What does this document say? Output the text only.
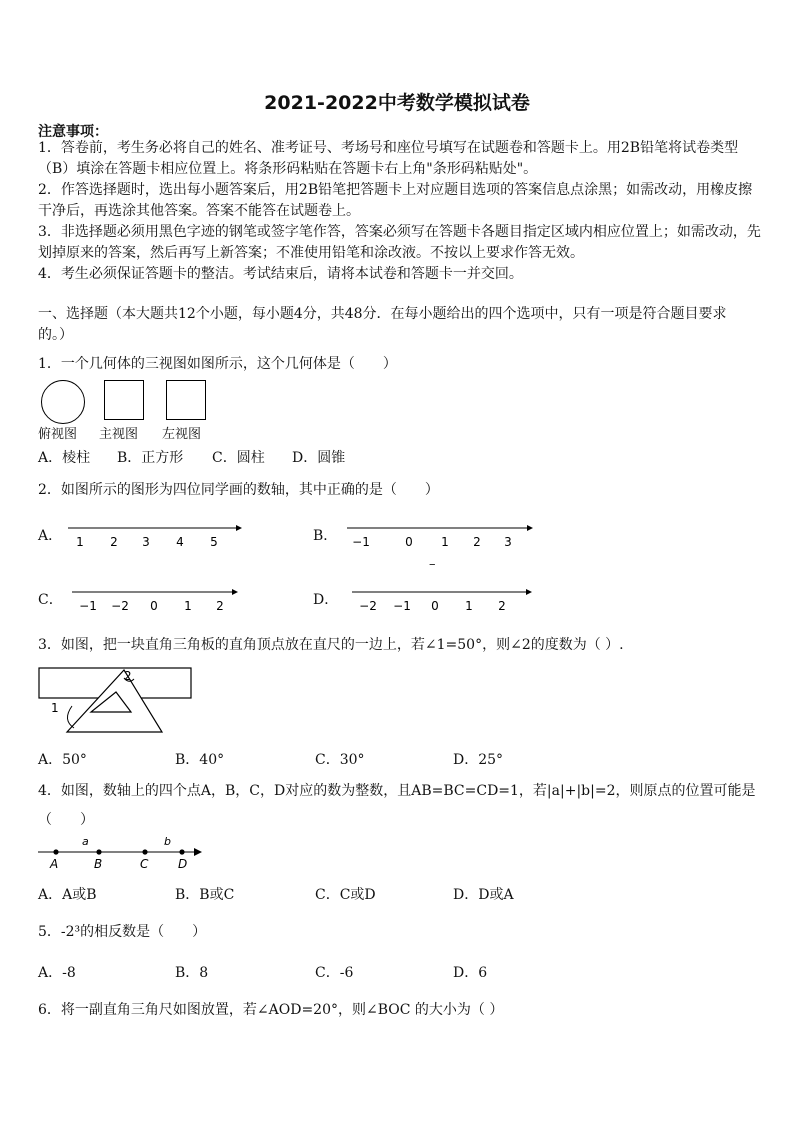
2021-2022中考数学模拟试卷
注意事项：
1．答卷前，考生务必将自己的姓名、准考证号、考场号和座位号填写在试题卷和答题卡上。用2B铅笔将试卷类型
（B）填涂在答题卡相应位置上。将条形码粘贴在答题卡右上角"条形码粘贴处"。
2．作答选择题时，选出每小题答案后，用2B铅笔把答题卡上对应题目选项的答案信息点涂黑；如需改动，用橡皮擦
干净后，再选涂其他答案。答案不能答在试题卷上。
3．非选择题必须用黑色字迹的钢笔或签字笔作答，答案必须写在答题卡各题目指定区域内相应位置上；如需改动，先
划掉原来的答案，然后再写上新答案；不准使用铅笔和涂改液。不按以上要求作答无效。
4．考生必须保证答题卡的整洁。考试结束后，请将本试卷和答题卡一并交回。
一、选择题（本大题共12个小题，每小题4分，共48分．在每小题给出的四个选项中，只有一项是符合题目要求
的。）
1．一个几何体的三视图如图所示，这个几何体是（　　）
俯视图 主视图 左视图
A．棱柱 B．正方形 C．圆柱 D．圆锥
2．如图所示的图形为四位同学画的数轴，其中正确的是（　　）
A． 1 2 3 4 5	B． −1	0 1 2 3
–
C． −1 −2 0 1 2	D． −2 −1 0 1 2
3．如图，把一块直角三角板的直角顶点放在直尺的一边上，若∠1=50°，则∠2的度数为（ ）.
1
2
A．50°	B．40°	C．30°	D．25°
4．如图，数轴上的四个点A，B，C，D对应的数为整数，且AB=BC=CD=1，若|a|+|b|=2，则原点的位置可能是
（　　）
a	b
A	B	C D
A．A或B	B．B或C	C．C或D	D．D或A
5．-2³的相反数是（　　）
A．-8	B．8	C．-6	D．6
6．将一副直角三角尺如图放置，若∠AOD=20°，则∠BOC 的大小为（ ）
